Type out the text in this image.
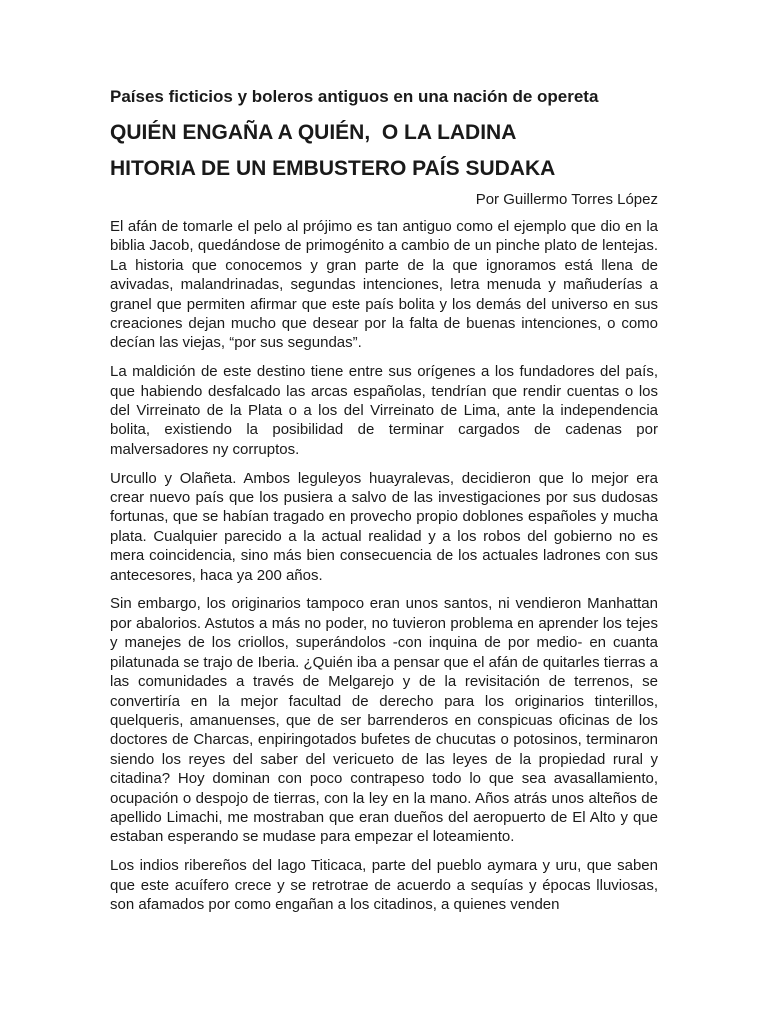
Países ficticios y boleros antiguos en una nación de opereta
QUIÉN ENGAÑA A QUIÉN,  O LA LADINA
HITORIA DE UN EMBUSTERO PAÍS SUDAKA
Por Guillermo Torres López

El afán de tomarle el pelo al prójimo es tan antiguo como el ejemplo que dio en la biblia Jacob, quedándose de primogénito a cambio de un pinche plato de lentejas. La historia que conocemos y gran parte de la que ignoramos está llena de avivadas, malandrinadas, segundas intenciones, letra menuda y mañuderías a granel que permiten afirmar que este país bolita y los demás del universo en sus creaciones dejan mucho que desear por la falta de buenas intenciones, o como decían las viejas, “por sus segundas”.

La maldición de este destino tiene entre sus orígenes a los fundadores del país, que habiendo desfalcado las arcas españolas, tendrían que rendir cuentas o los del Virreinato de la Plata o a los del Virreinato de Lima, ante la independencia bolita, existiendo la posibilidad de terminar cargados de cadenas por malversadores ny corruptos.

Urcullo y Olañeta. Ambos leguleyos huayralevas, decidieron que lo mejor era crear nuevo país que los pusiera a salvo de las investigaciones por sus dudosas fortunas, que se habían tragado en provecho propio doblones españoles y mucha plata. Cualquier parecido a la actual realidad y a los robos del gobierno no es mera coincidencia, sino más bien consecuencia de los actuales ladrones con sus antecesores, haca ya 200 años.

Sin embargo, los originarios tampoco eran unos santos, ni vendieron Manhattan por abalorios. Astutos a más no poder, no tuvieron problema en aprender los tejes y manejes de los criollos, superándolos -con inquina de por medio- en cuanta pilatunada se trajo de Iberia. ¿Quién iba a pensar que el afán de quitarles tierras a las comunidades a través de Melgarejo y de la revisitación de terrenos, se convertiría en la mejor facultad de derecho para los originarios tinterillos, quelqueris, amanuenses, que de ser barrenderos en conspicuas oficinas de los doctores de Charcas, enpiringotados bufetes de chucutas o potosinos, terminaron siendo los reyes del saber del vericueto de las leyes de la propiedad rural y citadina? Hoy dominan con poco contrapeso todo lo que sea avasallamiento, ocupación o despojo de tierras, con la ley en la mano. Años atrás unos alteños de apellido Limachi, me mostraban que eran dueños del aeropuerto de El Alto y que estaban esperando se mudase para empezar el loteamiento.

Los indios ribereños del lago Titicaca, parte del pueblo aymara y uru, que saben que este acuífero crece y se retrotrae de acuerdo a sequías y épocas lluviosas, son afamados por como engañan a los citadinos, a quienes venden
